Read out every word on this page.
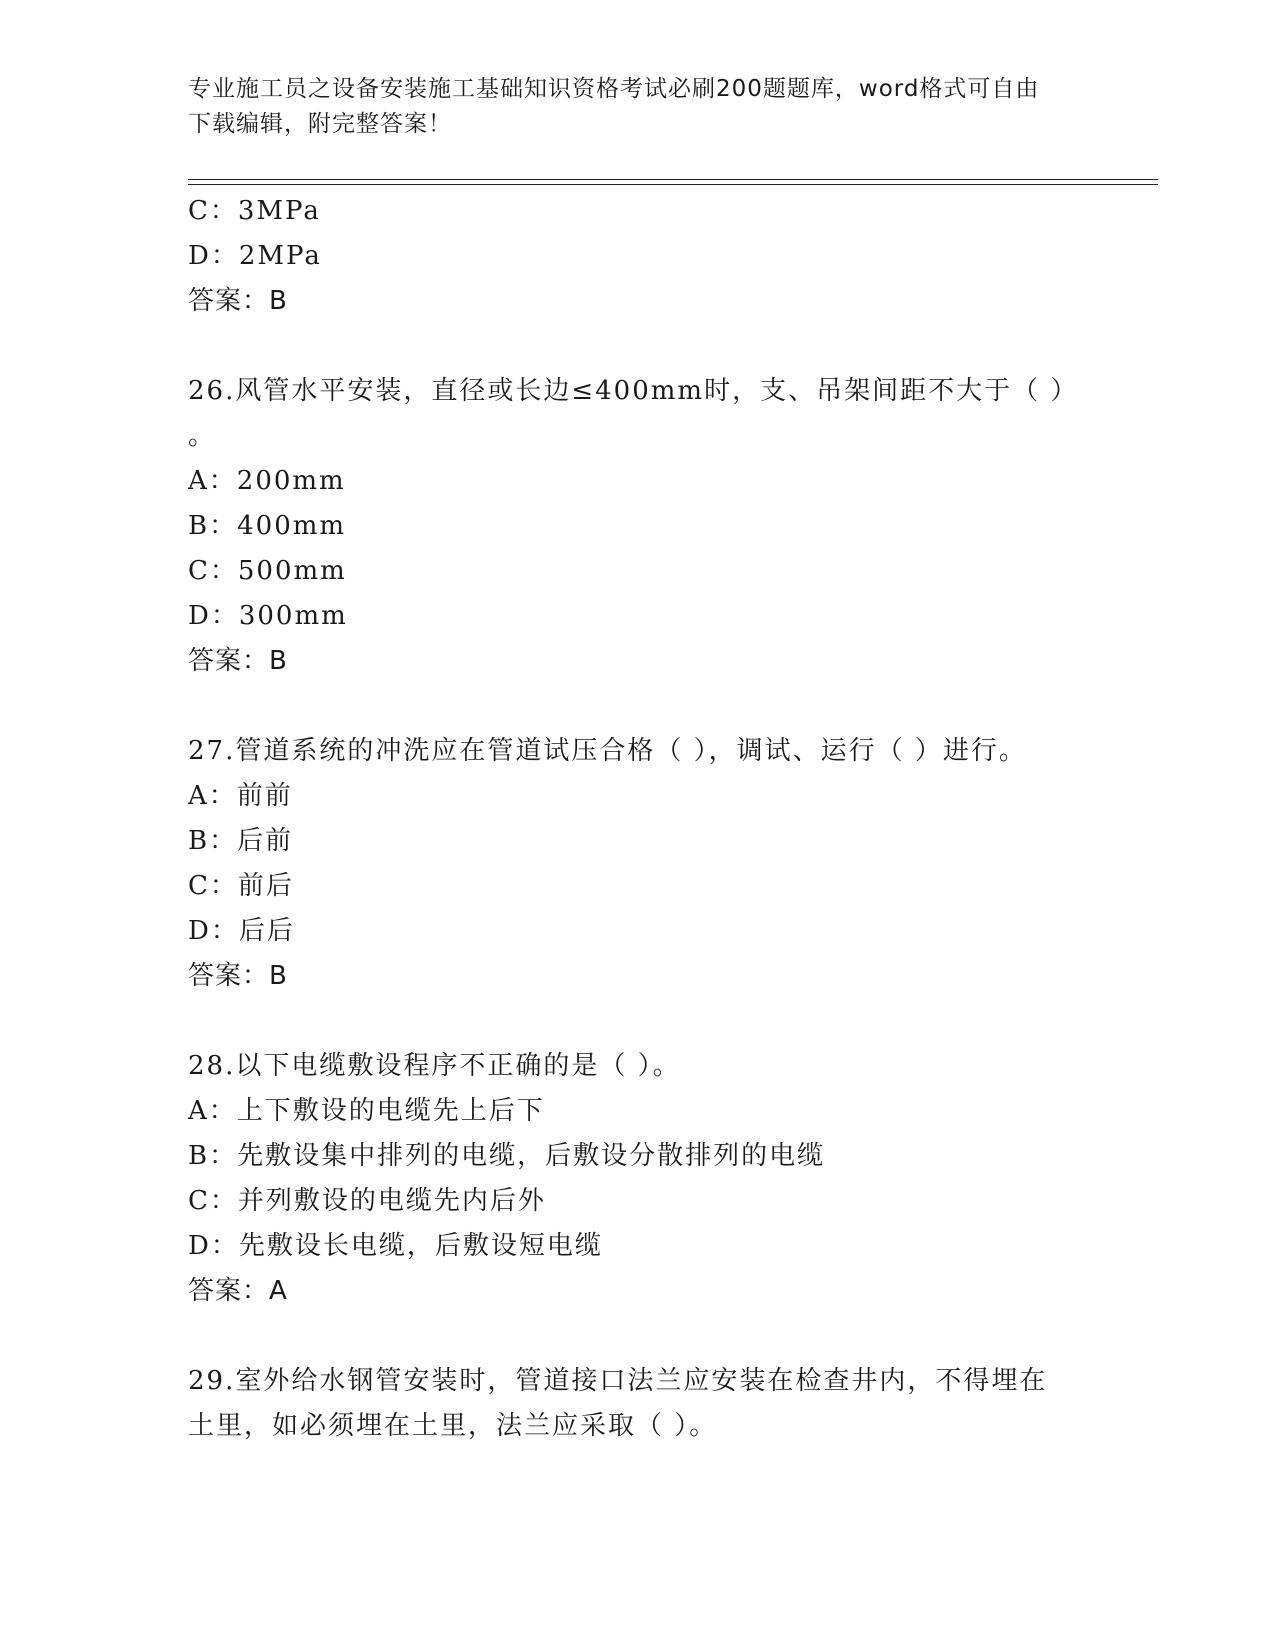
专业施工员之设备安装施工基础知识资格考试必刷200题题库，word格式可自由
下载编辑，附完整答案！
C：3MPa
D：2MPa
答案：B
26.风管水平安装，直径或长边≤400mm时，支、吊架间距不大于（ ）
。
A：200mm
B：400mm
C：500mm
D：300mm
答案：B
27.管道系统的冲洗应在管道试压合格（ ），调试、运行（ ）进行。
A：前前
B：后前
C：前后
D：后后
答案：B
28.以下电缆敷设程序不正确的是（ ）。
A：上下敷设的电缆先上后下
B：先敷设集中排列的电缆，后敷设分散排列的电缆
C：并列敷设的电缆先内后外
D：先敷设长电缆，后敷设短电缆
答案：A
29.室外给水钢管安装时，管道接口法兰应安装在检查井内，不得埋在
土里，如必须埋在土里，法兰应采取（ ）。
